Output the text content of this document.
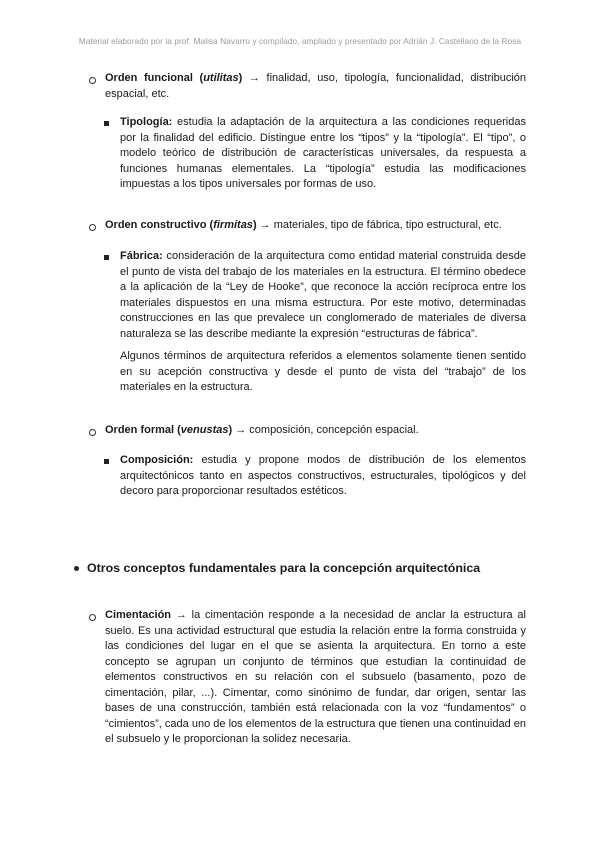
Material elaborado por la prof. Malisa Navarro y compilado, ampliado y presentado por Adrián J. Castellano de la Rosa
Orden funcional (utilitas) → finalidad, uso, tipología, funcionalidad, distribución espacial, etc.
Tipología: estudia la adaptación de la arquitectura a las condiciones requeridas por la finalidad del edificio. Distingue entre los “tipos” y la “tipología”. El “tipo”, o modelo teórico de distribución de características universales, da respuesta a funciones humanas elementales. La “tipología” estudia las modificaciones impuestas a los tipos universales por formas de uso.
Orden constructivo (firmitas) → materiales, tipo de fábrica, tipo estructural, etc.
Fábrica: consideración de la arquitectura como entidad material construida desde el punto de vista del trabajo de los materiales en la estructura. El término obedece a la aplicación de la “Ley de Hooke”, que reconoce la acción recíproca entre los materiales dispuestos en una misma estructura. Por este motivo, determinadas construcciones en las que prevalece un conglomerado de materiales de diversa naturaleza se las describe mediante la expresión “estructuras de fábrica”.

Algunos términos de arquitectura referidos a elementos solamente tienen sentido en su acepción constructiva y desde el punto de vista del “trabajo” de los materiales en la estructura.

Orden formal (venustas) → composición, concepción espacial.
Composición: estudia y propone modos de distribución de los elementos arquitectónicos tanto en aspectos constructivos, estructurales, tipológicos y del decoro para proporcionar resultados estéticos.
Otros conceptos fundamentales para la concepción arquitectónica
Cimentación → la cimentación responde a la necesidad de anclar la estructura al suelo. Es una actividad estructural que estudia la relación entre la forma construida y las condiciones del lugar en el que se asienta la arquitectura. En torno a este concepto se agrupan un conjunto de términos que estudian la continuidad de elementos constructivos en su relación con el subsuelo (basamento, pozo de cimentación, pilar, ...). Cimentar, como sinónimo de fundar, dar origen, sentar las bases de una construcción, también está relacionada con la voz “fundamentos” o “cimientos”, cada uno de los elementos de la estructura que tienen una continuidad en el subsuelo y le proporcionan la solidez necesaria.
